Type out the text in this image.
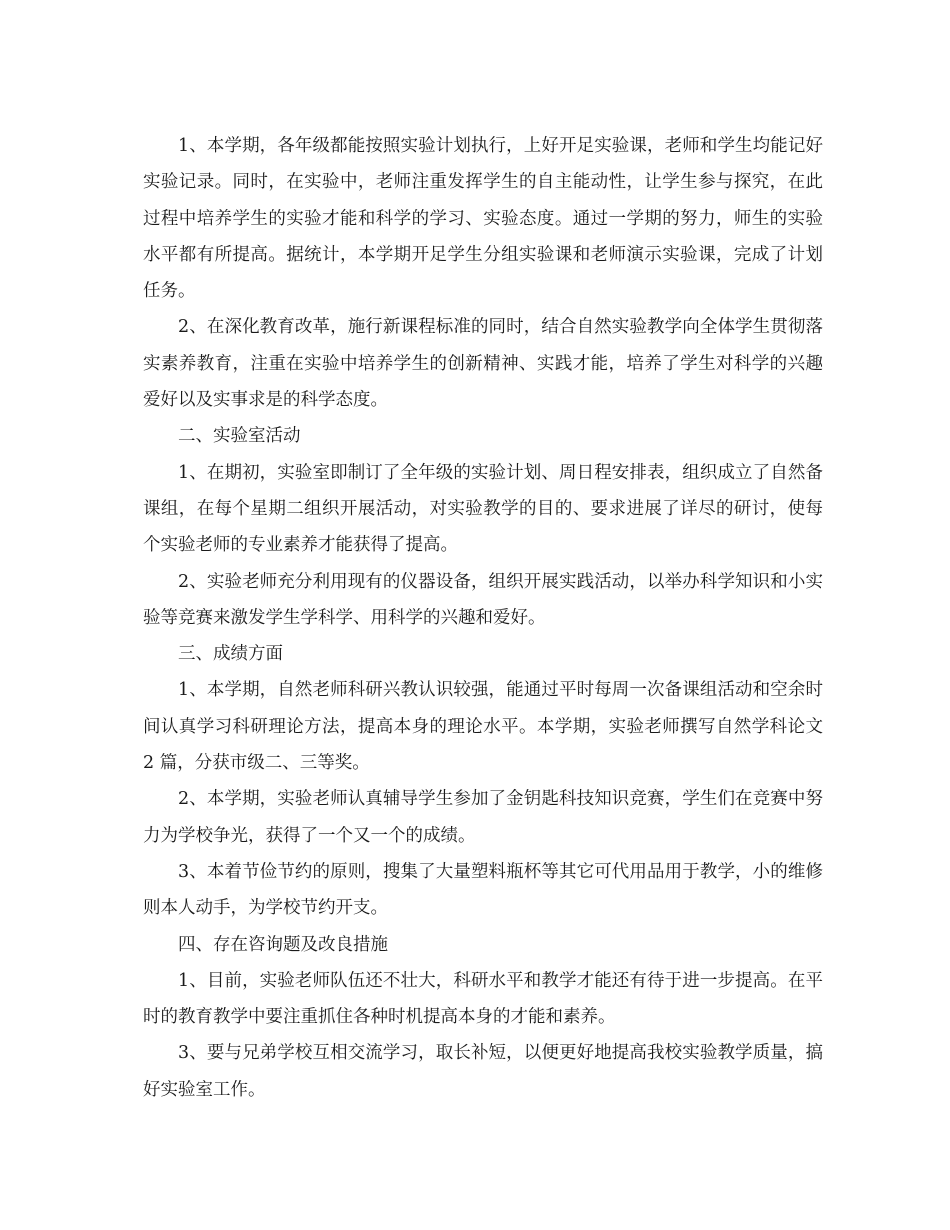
1、本学期，各年级都能按照实验计划执行，上好开足实验课，老师和学生均能记好实验记录。同时，在实验中，老师注重发挥学生的自主能动性，让学生参与探究，在此过程中培养学生的实验才能和科学的学习、实验态度。通过一学期的努力，师生的实验水平都有所提高。据统计，本学期开足学生分组实验课和老师演示实验课，完成了计划任务。

2、在深化教育改革，施行新课程标准的同时，结合自然实验教学向全体学生贯彻落实素养教育，注重在实验中培养学生的创新精神、实践才能，培养了学生对科学的兴趣爱好以及实事求是的科学态度。

二、实验室活动

1、在期初，实验室即制订了全年级的实验计划、周日程安排表，组织成立了自然备课组，在每个星期二组织开展活动，对实验教学的目的、要求进展了详尽的研讨，使每个实验老师的专业素养才能获得了提高。

2、实验老师充分利用现有的仪器设备，组织开展实践活动，以举办科学知识和小实验等竞赛来激发学生学科学、用科学的兴趣和爱好。

三、成绩方面

1、本学期，自然老师科研兴教认识较强，能通过平时每周一次备课组活动和空余时间认真学习科研理论方法，提高本身的理论水平。本学期，实验老师撰写自然学科论文 2 篇，分获市级二、三等奖。

2、本学期，实验老师认真辅导学生参加了金钥匙科技知识竞赛，学生们在竞赛中努力为学校争光，获得了一个又一个的成绩。

3、本着节俭节约的原则，搜集了大量塑料瓶杯等其它可代用品用于教学，小的维修则本人动手，为学校节约开支。

四、存在咨询题及改良措施

1、目前，实验老师队伍还不壮大，科研水平和教学才能还有待于进一步提高。在平时的教育教学中要注重抓住各种时机提高本身的才能和素养。

3、要与兄弟学校互相交流学习，取长补短，以便更好地提高我校实验教学质量，搞好实验室工作。
